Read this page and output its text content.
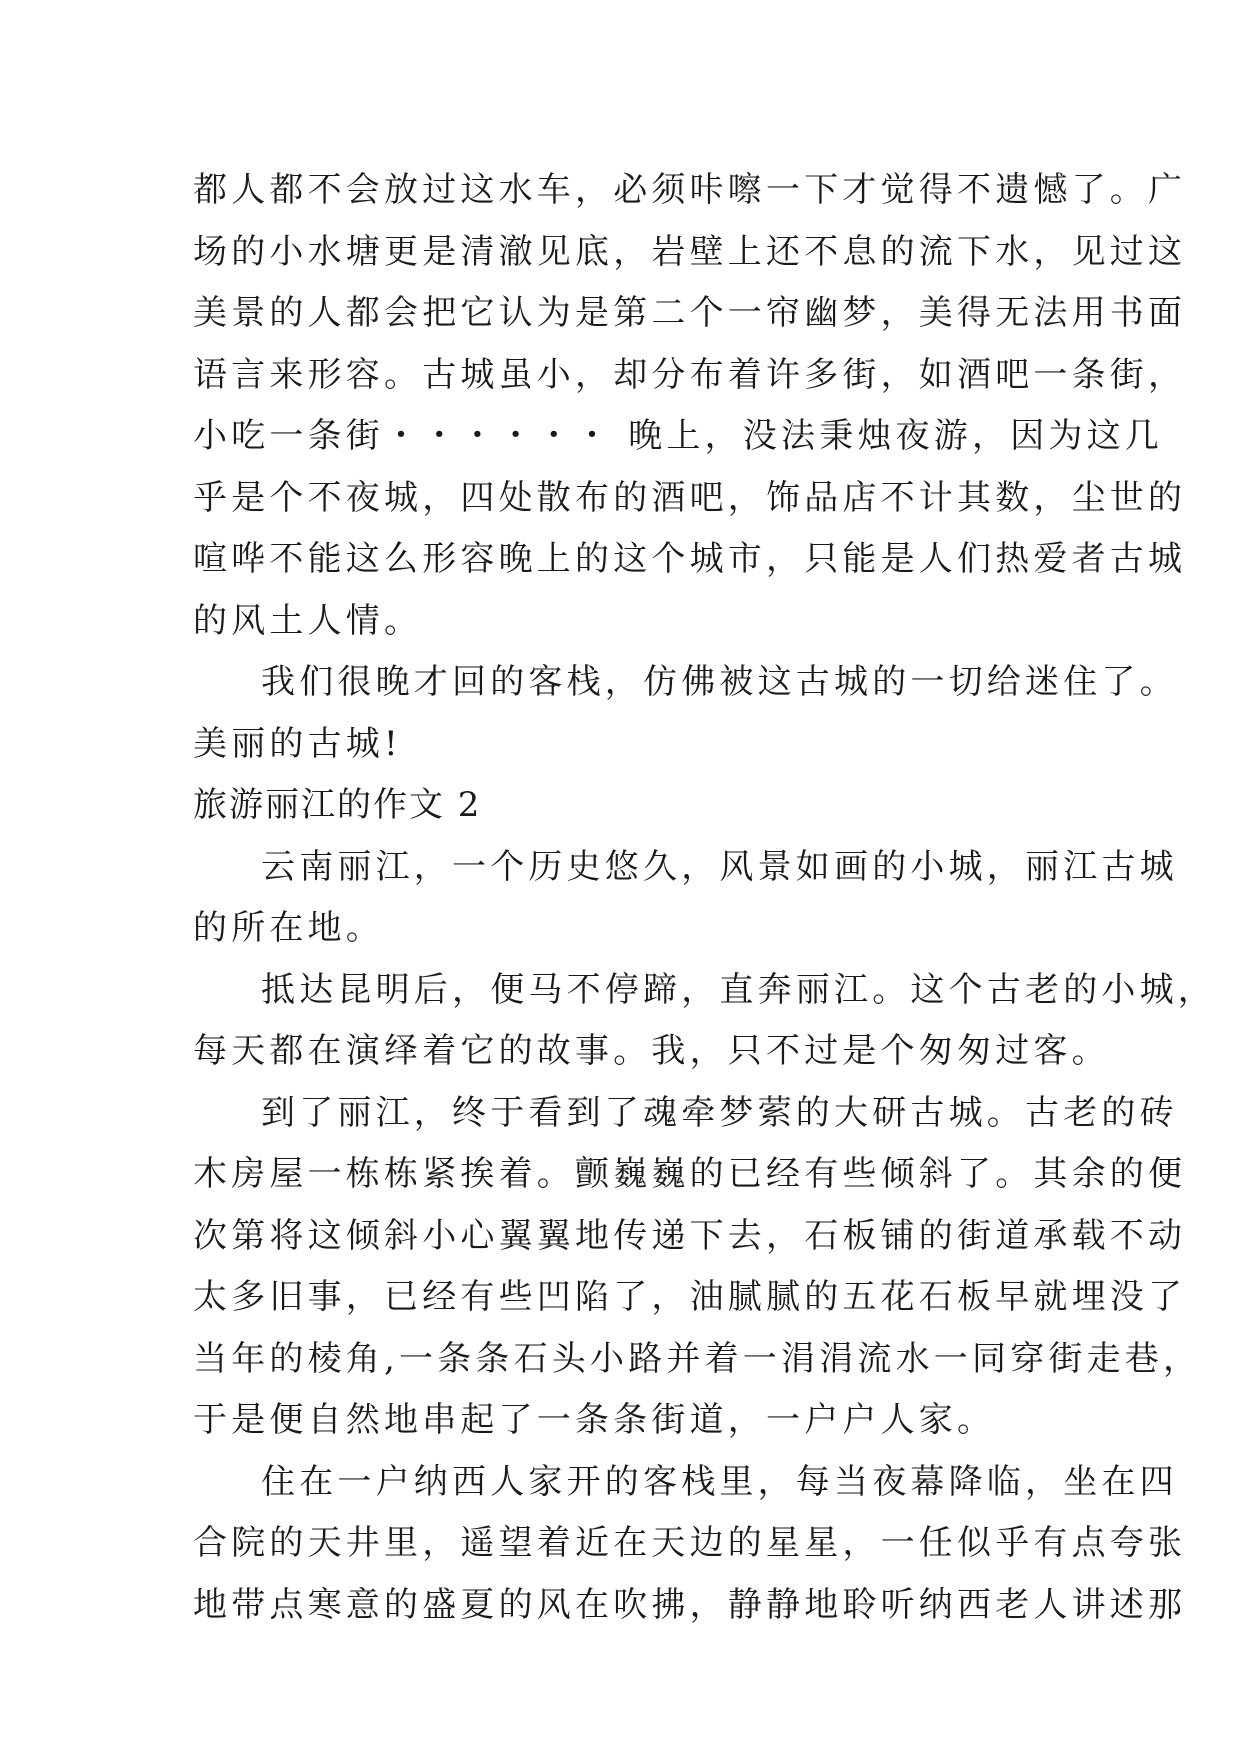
都人都不会放过这水车，必须咔嚓一下才觉得不遗憾了。广
场的小水塘更是清澈见底，岩壁上还不息的流下水，见过这
美景的人都会把它认为是第二个一帘幽梦，美得无法用书面
语言来形容。古城虽小，却分布着许多街，如酒吧一条街，
小吃一条街・・・・・・ 晚上，没法秉烛夜游，因为这几
乎是个不夜城，四处散布的酒吧，饰品店不计其数，尘世的
喧哗不能这么形容晚上的这个城市，只能是人们热爱者古城
的风土人情。
我们很晚才回的客栈，仿佛被这古城的一切给迷住了。
美丽的古城!
旅游丽江的作文 2
云南丽江，一个历史悠久，风景如画的小城，丽江古城
的所在地。
抵达昆明后，便马不停蹄，直奔丽江。这个古老的小城，
每天都在演绎着它的故事。我，只不过是个匆匆过客。
到了丽江，终于看到了魂牵梦萦的大研古城。古老的砖
木房屋一栋栋紧挨着。颤巍巍的已经有些倾斜了。其余的便
次第将这倾斜小心翼翼地传递下去，石板铺的街道承载不动
太多旧事，已经有些凹陷了，油腻腻的五花石板早就埋没了
当年的棱角,一条条石头小路并着一涓涓流水一同穿街走巷，
于是便自然地串起了一条条街道，一户户人家。
住在一户纳西人家开的客栈里，每当夜幕降临，坐在四
合院的天井里，遥望着近在天边的星星，一任似乎有点夸张
地带点寒意的盛夏的风在吹拂，静静地聆听纳西老人讲述那
